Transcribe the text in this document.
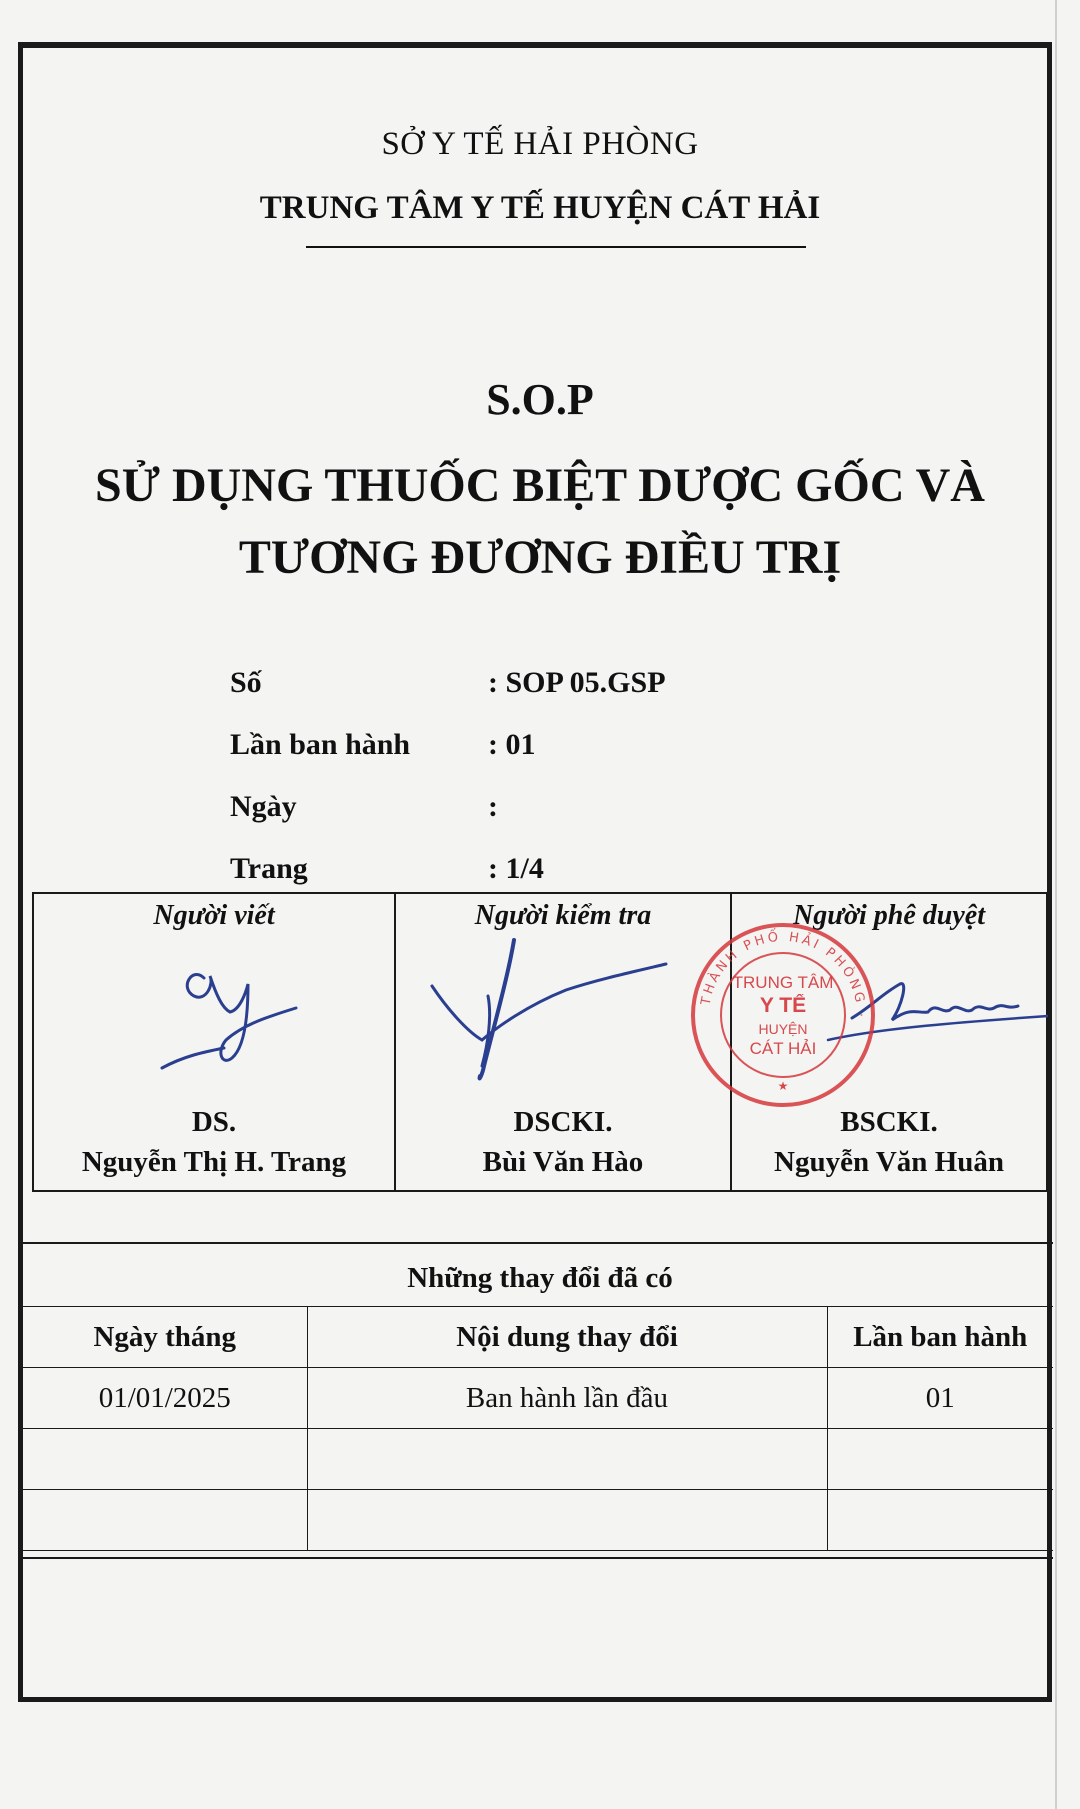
SỞ Y TẾ HẢI PHÒNG
TRUNG TÂM Y TẾ HUYỆN CÁT HẢI
S.O.P
SỬ DỤNG THUỐC BIỆT DƯỢC GỐC VÀ
TƯƠNG ĐƯƠNG ĐIỀU TRỊ
Số	: SOP 05.GSP
Lần ban hành	: 01
Ngày	:
Trang	: 1/4
Người viết
DS.
Nguyễn Thị H. Trang

Người kiểm tra
DSCKI.
Bùi Văn Hào

Người phê duyệt
BSCKI.
Nguyễn Văn Huân
THÀNH PHỐ HẢI PHÒNG ·
TRUNG TÂM
Y TẾ
HUYỆN
CÁT HẢI
★
Những thay đổi đã có
Ngày tháng	Nội dung thay đổi	Lần ban hành
01/01/2025	Ban hành lần đầu	01
